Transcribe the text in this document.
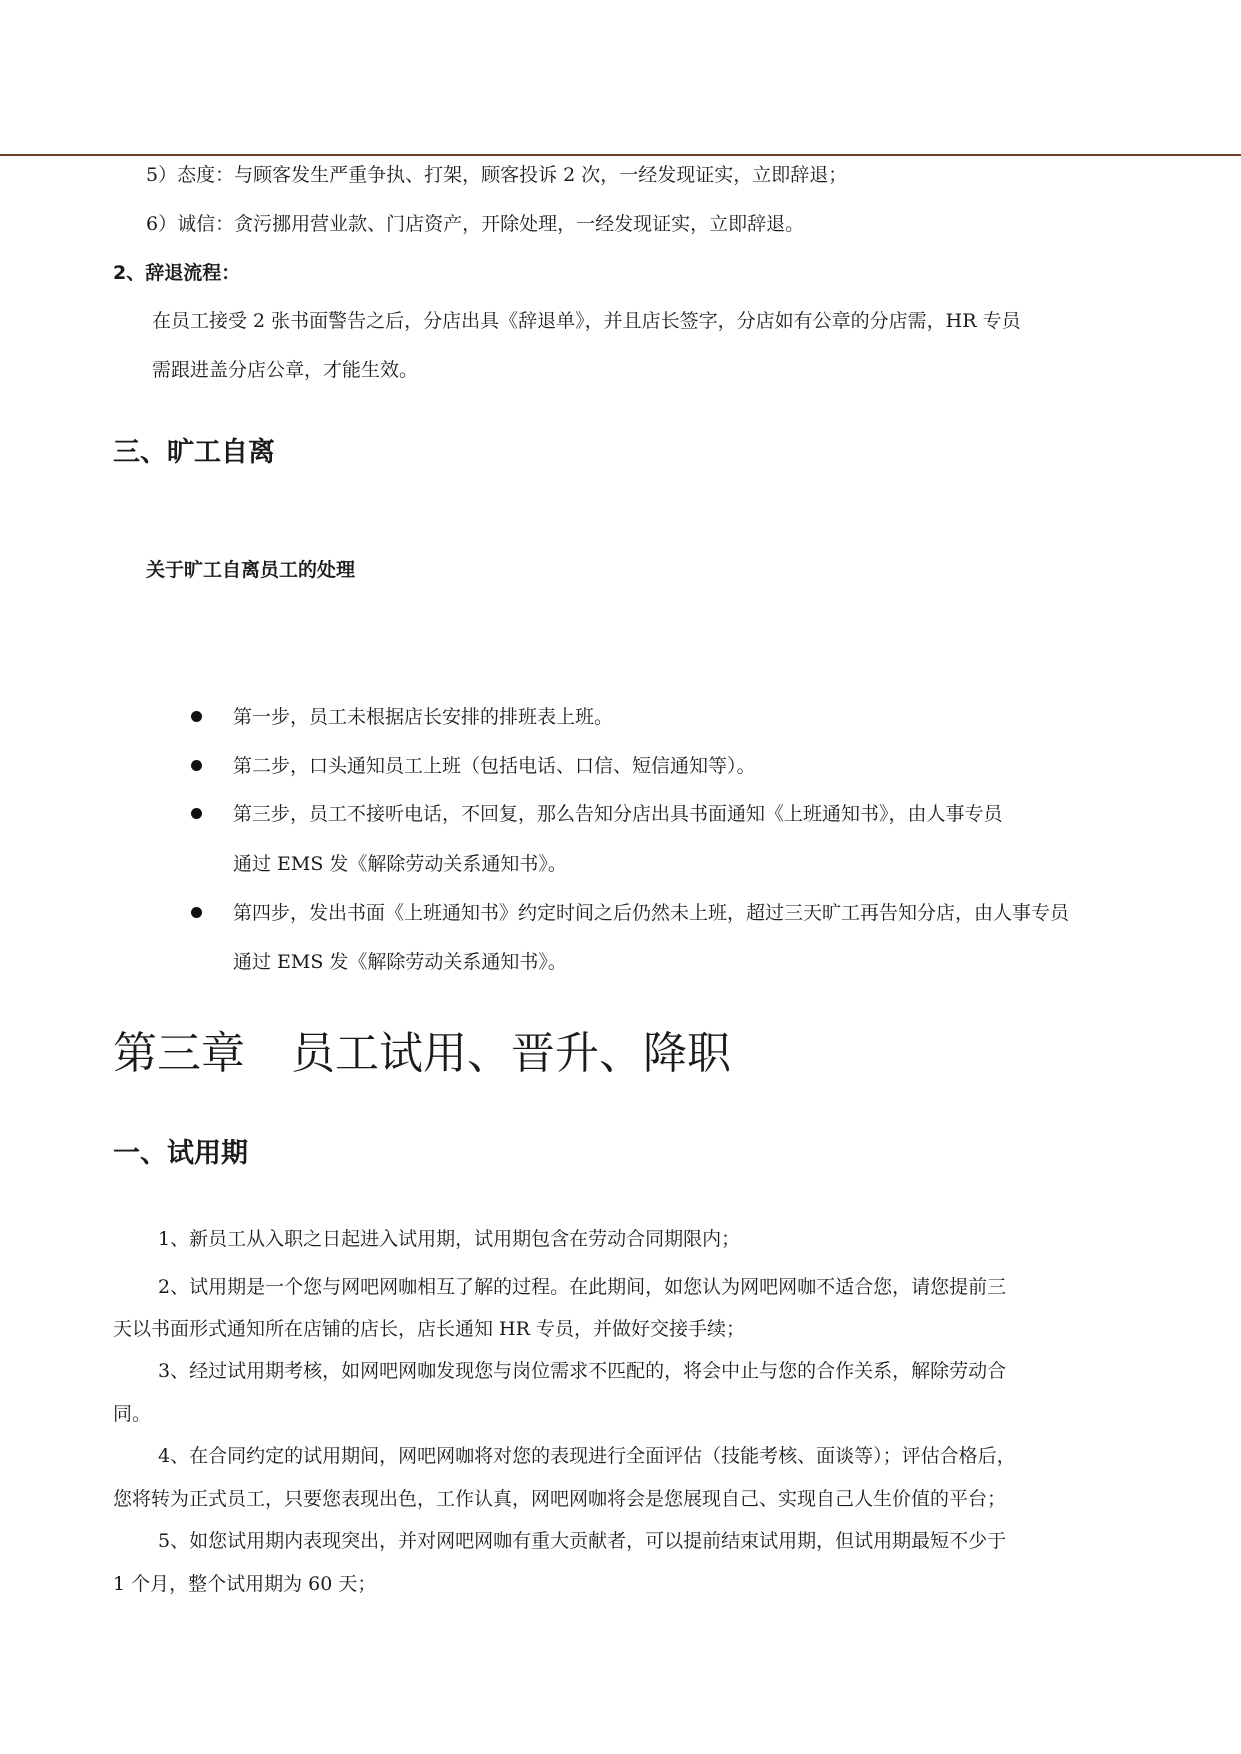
5）态度：与顾客发生严重争执、打架，顾客投诉 2 次，一经发现证实，立即辞退；
6）诚信：贪污挪用营业款、门店资产，开除处理，一经发现证实，立即辞退。
2、辞退流程：
在员工接受 2 张书面警告之后，分店出具《辞退单》，并且店长签字，分店如有公章的分店需，HR 专员
需跟进盖分店公章，才能生效。
三、旷工自离
关于旷工自离员工的处理
第一步，员工未根据店长安排的排班表上班。
第二步，口头通知员工上班（包括电话、口信、短信通知等）。
第三步，员工不接听电话，不回复，那么告知分店出具书面通知《上班通知书》，由人事专员
通过 EMS 发《解除劳动关系通知书》。
第四步，发出书面《上班通知书》约定时间之后仍然未上班，超过三天旷工再告知分店，由人事专员
通过 EMS 发《解除劳动关系通知书》。
第三章 员工试用、晋升、降职
一、试用期
1、新员工从入职之日起进入试用期，试用期包含在劳动合同期限内；
2、试用期是一个您与网吧网咖相互了解的过程。在此期间，如您认为网吧网咖不适合您，请您提前三
天以书面形式通知所在店铺的店长，店长通知 HR 专员，并做好交接手续；
3、经过试用期考核，如网吧网咖发现您与岗位需求不匹配的，将会中止与您的合作关系，解除劳动合
同。
4、在合同约定的试用期间，网吧网咖将对您的表现进行全面评估（技能考核、面谈等）；评估合格后，
您将转为正式员工，只要您表现出色，工作认真，网吧网咖将会是您展现自己、实现自己人生价值的平台；
5、如您试用期内表现突出，并对网吧网咖有重大贡献者，可以提前结束试用期，但试用期最短不少于
1 个月，整个试用期为 60 天；
